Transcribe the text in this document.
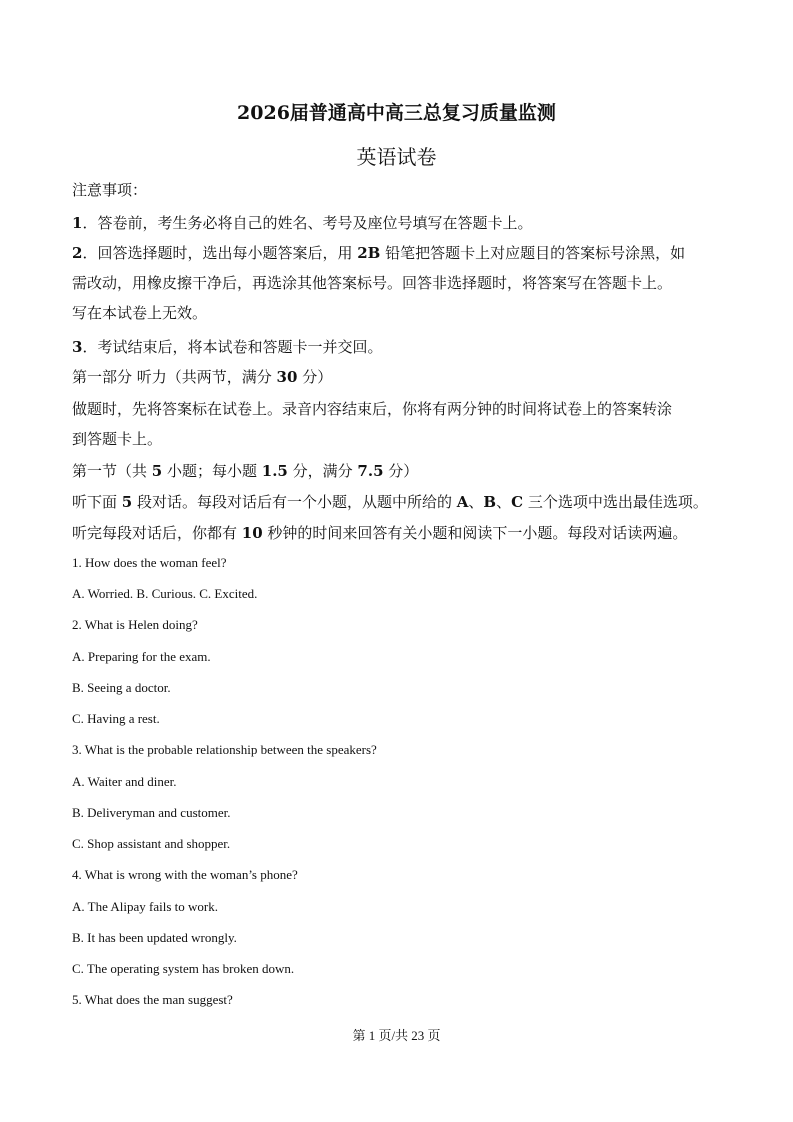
2026届普通高中高三总复习质量监测
英语试卷
注意事项：
1．答卷前，考生务必将自己的姓名、考号及座位号填写在答题卡上。
2．回答选择题时，选出每小题答案后，用 2B 铅笔把答题卡上对应题目的答案标号涂黑，如
需改动，用橡皮擦干净后，再选涂其他答案标号。回答非选择题时，将答案写在答题卡上。
写在本试卷上无效。
3．考试结束后，将本试卷和答题卡一并交回。
第一部分 听力（共两节，满分 30 分）
做题时，先将答案标在试卷上。录音内容结束后，你将有两分钟的时间将试卷上的答案转涂
到答题卡上。
第一节（共 5 小题；每小题 1.5 分，满分 7.5 分）
听下面 5 段对话。每段对话后有一个小题，从题中所给的 A、B、C 三个选项中选出最佳选项。
听完每段对话后，你都有 10 秒钟的时间来回答有关小题和阅读下一小题。每段对话读两遍。
1. How does the woman feel?
A. Worried. B. Curious. C. Excited.
2. What is Helen doing?
A. Preparing for the exam.
B. Seeing a doctor.
C. Having a rest.
3. What is the probable relationship between the speakers?
A. Waiter and diner.
B. Deliveryman and customer.
C. Shop assistant and shopper.
4. What is wrong with the woman’s phone?
A. The Alipay fails to work.
B. It has been updated wrongly.
C. The operating system has broken down.
5. What does the man suggest?
第 1 页/共 23 页
